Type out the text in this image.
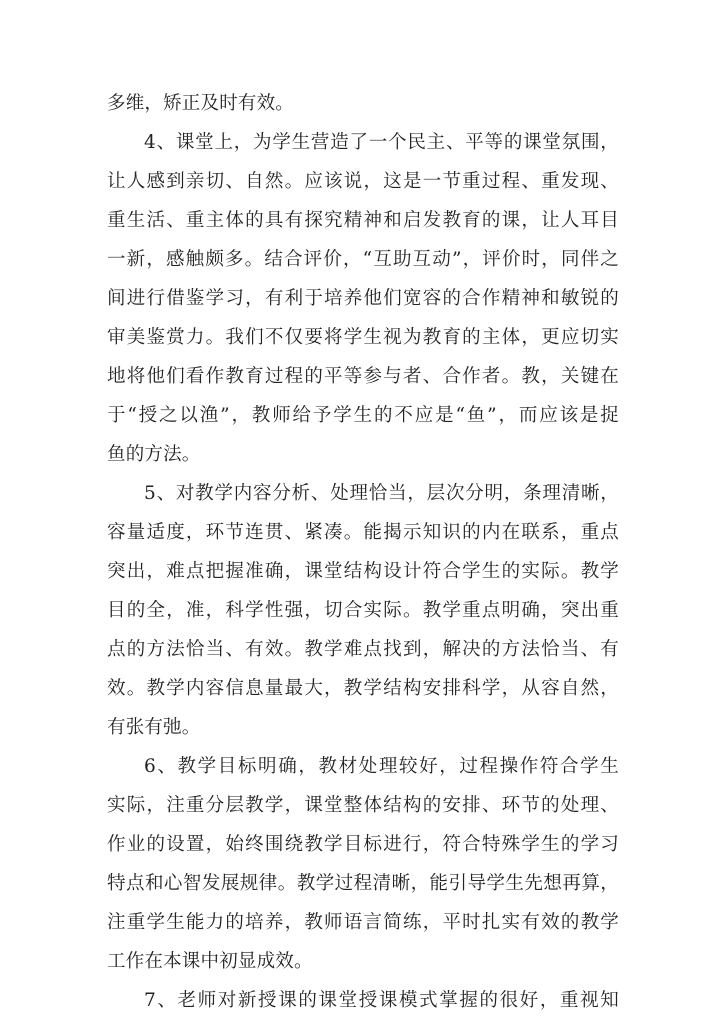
多维，矫正及时有效。
4、课堂上，为学生营造了一个民主、平等的课堂氛围，
让人感到亲切、自然。应该说，这是一节重过程、重发现、
重生活、重主体的具有探究精神和启发教育的课，让人耳目
一新，感触颇多。结合评价，“互助互动”，评价时，同伴之
间进行借鉴学习，有利于培养他们宽容的合作精神和敏锐的
审美鉴赏力。我们不仅要将学生视为教育的主体，更应切实
地将他们看作教育过程的平等参与者、合作者。教，关键在
于“授之以渔”，教师给予学生的不应是“鱼”，而应该是捉
鱼的方法。
5、对教学内容分析、处理恰当，层次分明，条理清晰，
容量适度，环节连贯、紧凑。能揭示知识的内在联系，重点
突出，难点把握准确，课堂结构设计符合学生的实际。教学
目的全，准，科学性强，切合实际。教学重点明确，突出重
点的方法恰当、有效。教学难点找到，解决的方法恰当、有
效。教学内容信息量最大，教学结构安排科学，从容自然，
有张有弛。
6、教学目标明确，教材处理较好，过程操作符合学生
实际，注重分层教学，课堂整体结构的安排、环节的处理、
作业的设置，始终围绕教学目标进行，符合特殊学生的学习
特点和心智发展规律。教学过程清晰，能引导学生先想再算，
注重学生能力的培养，教师语言简练，平时扎实有效的教学
工作在本课中初显成效。
7、老师对新授课的课堂授课模式掌握的很好，重视知
